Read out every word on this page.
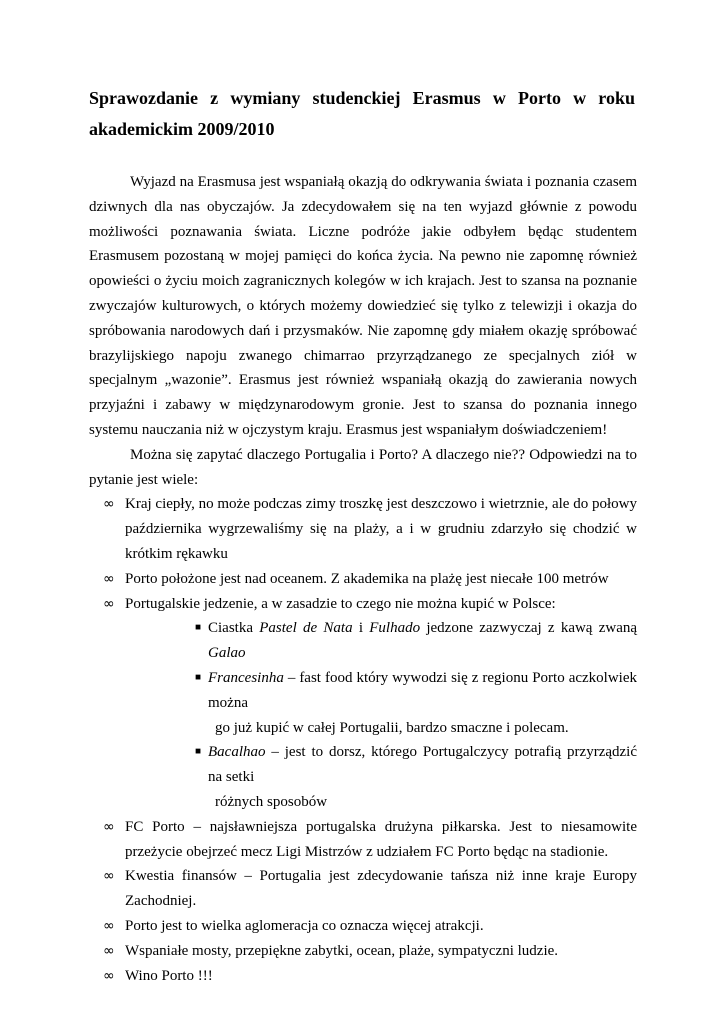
Sprawozdanie z wymiany studenckiej Erasmus w Porto w roku akademickim 2009/2010

Wyjazd na Erasmusa jest wspaniałą okazją do odkrywania świata i poznania czasem dziwnych dla nas obyczajów. Ja zdecydowałem się na ten wyjazd głównie z powodu możliwości poznawania świata. Liczne podróże jakie odbyłem będąc studentem Erasmusem pozostaną w mojej pamięci do końca życia. Na pewno nie zapomnę również opowieści o życiu moich zagranicznych kolegów w ich krajach. Jest to szansa na poznanie zwyczajów kulturowych, o których możemy dowiedzieć się tylko z telewizji i okazja do spróbowania narodowych dań i przysmaków. Nie zapomnę gdy miałem okazję spróbować brazylijskiego napoju zwanego chimarrao przyrządzanego ze specjalnych ziół w specjalnym „wazonie”. Erasmus jest również wspaniałą okazją do zawierania nowych przyjaźni i zabawy w międzynarodowym gronie. Jest to szansa do poznania innego systemu nauczania niż w ojczystym kraju. Erasmus jest wspaniałym doświadczeniem!

Można się zapytać dlaczego Portugalia i Porto? A dlaczego nie?? Odpowiedzi na to pytanie jest wiele:

∞ Kraj ciepły, no może podczas zimy troszkę jest deszczowo i wietrznie, ale do połowy października wygrzewaliśmy się na plaży, a i w grudniu zdarzyło się chodzić w krótkim rękawku
∞ Porto położone jest nad oceanem. Z akademika na plażę jest niecałe 100 metrów
∞ Portugalskie jedzenie, a w zasadzie to czego nie można kupić w Polsce:
■ Ciastka Pastel de Nata i Fulhado jedzone zazwyczaj z kawą zwaną Galao
■ Francesinha – fast food który wywodzi się z regionu Porto aczkolwiek można
go już kupić w całej Portugalii, bardzo smaczne i polecam.
■ Bacalhao – jest to dorsz, którego Portugalczycy potrafią przyrządzić na setki
różnych sposobów
∞ FC Porto – najsławniejsza portugalska drużyna piłkarska. Jest to niesamowite przeżycie obejrzeć mecz Ligi Mistrzów z udziałem FC Porto będąc na stadionie.
∞ Kwestia finansów – Portugalia jest zdecydowanie tańsza niż inne kraje Europy Zachodniej.
∞ Porto jest to wielka aglomeracja co oznacza więcej atrakcji.
∞ Wspaniałe mosty, przepiękne zabytki, ocean, plaże, sympatyczni ludzie.
∞ Wino Porto !!!
